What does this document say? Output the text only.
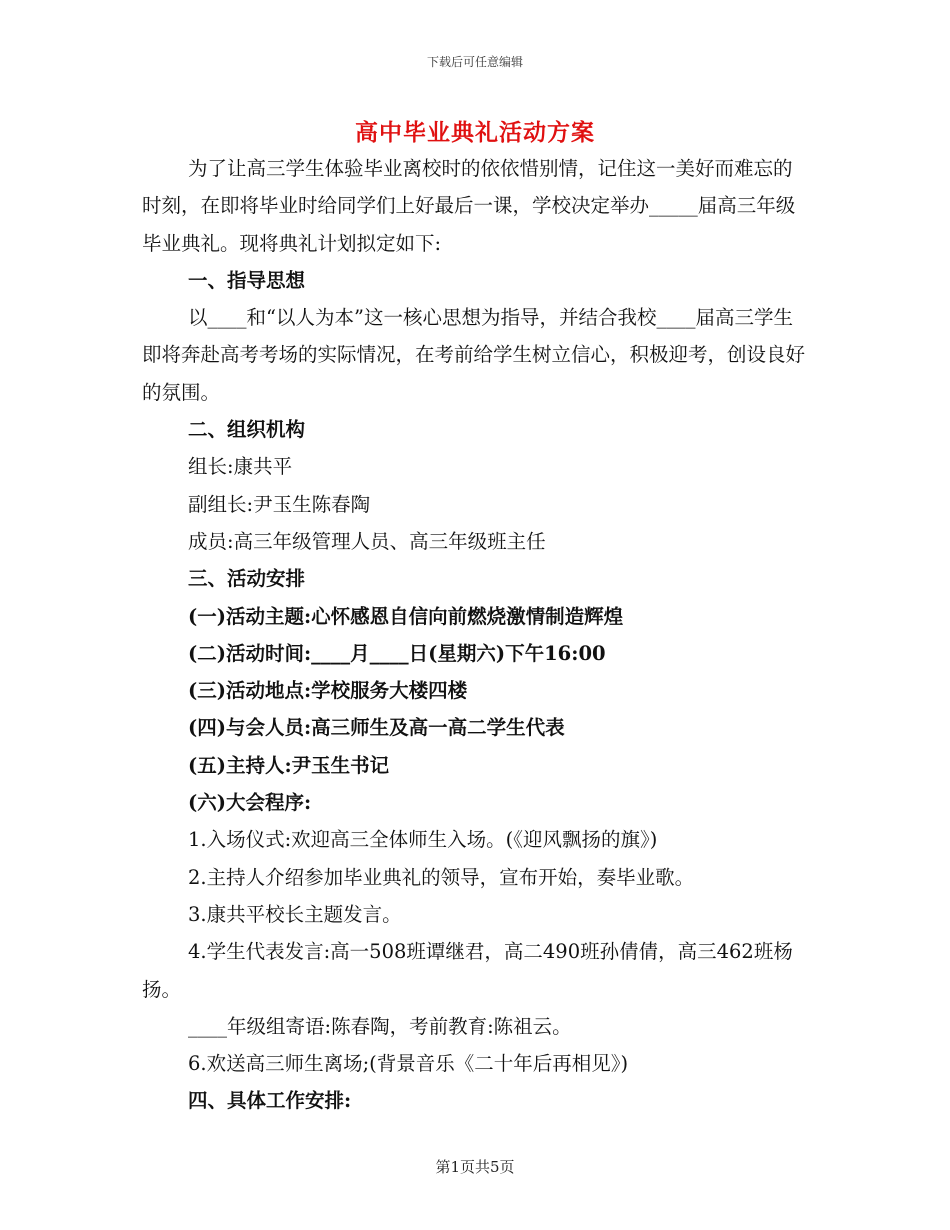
下载后可任意编辑
高中毕业典礼活动方案

为了让高三学生体验毕业离校时的依依惜别情，记住这一美好而难忘的时刻，在即将毕业时给同学们上好最后一课，学校决定举办_____届高三年级毕业典礼。现将典礼计划拟定如下:

一、指导思想

以____和“以人为本”这一核心思想为指导，并结合我校____届高三学生即将奔赴高考考场的实际情况，在考前给学生树立信心，积极迎考，创设良好的氛围。

二、组织机构

组长:康共平

副组长:尹玉生陈春陶

成员:高三年级管理人员、高三年级班主任

三、活动安排

(一)活动主题:心怀感恩自信向前燃烧激情制造辉煌

(二)活动时间:____月____日(星期六)下午16:00

(三)活动地点:学校服务大楼四楼

(四)与会人员:高三师生及高一高二学生代表

(五)主持人:尹玉生书记

(六)大会程序:

1.入场仪式:欢迎高三全体师生入场。(《迎风飘扬的旗》)

2.主持人介绍参加毕业典礼的领导，宣布开始，奏毕业歌。

3.康共平校长主题发言。

4.学生代表发言:高一508班谭继君，高二490班孙倩倩，高三462班杨扬。

____年级组寄语:陈春陶，考前教育:陈祖云。

6.欢送高三师生离场;(背景音乐《二十年后再相见》)

四、具体工作安排:

第1页共5页
